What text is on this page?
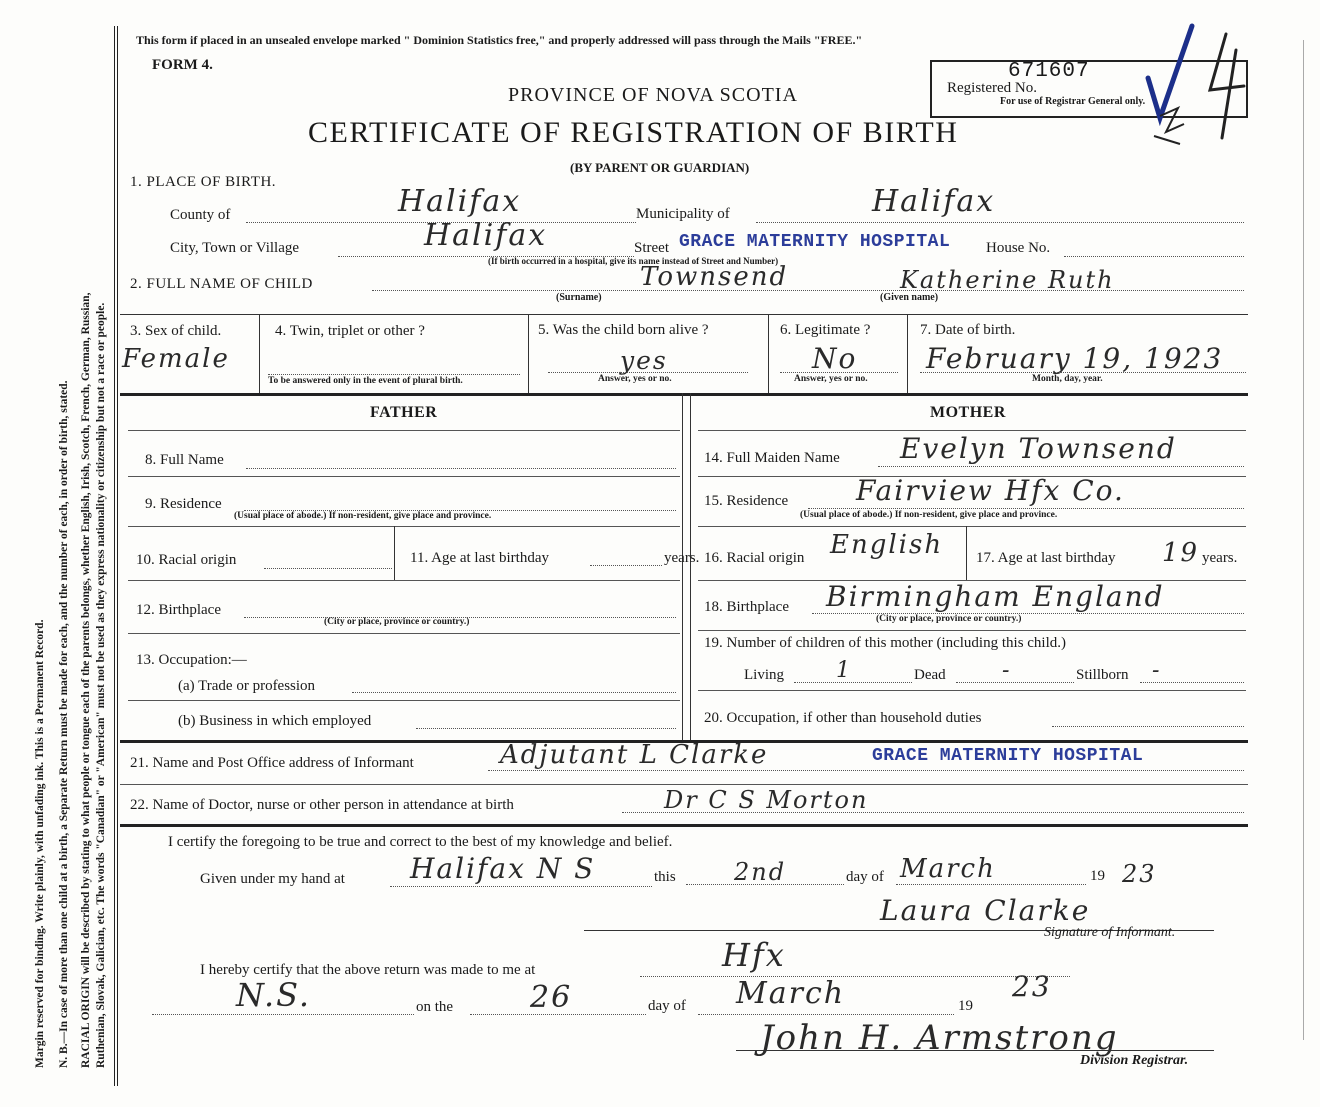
Margin reserved for binding. Write plainly, with unfading ink. This is a Permanent Record. N. B.—In case of more than one child at a birth, a Separate Return must be made for each, and the number of each, in order of birth, stated. RACIAL ORIGIN will be described by stating to what people or tongue each of the parents belongs, whether English, Irish, Scotch, French, German, Russian, Ruthenian, Slovak, Galician, etc. The words "Canadian" or "American" must not be used as they express nationality or citizenship but not a race or people.
This form if placed in an unsealed envelope marked " Dominion Statistics free," and properly addressed will pass through the Mails "FREE."
FORM 4.
PROVINCE OF NOVA SCOTIA
CERTIFICATE OF REGISTRATION OF BIRTH
(BY PARENT OR GUARDIAN)
671607
Registered No.
For use of Registrar General only.
1. PLACE OF BIRTH.
County of	Halifax	Municipality of	Halifax
City, Town or Village	Halifax	Street GRACE MATERNITY HOSPITAL House No.
(If birth occurred in a hospital, give its name instead of Street and Number)
2. FULL NAME OF CHILD	Townsend
(Surname)
Katherine Ruth
(Given name)
3. Sex of child.
Female
4. Twin, triplet or other ?
To be answered only in the event of plural birth.
5. Was the child born alive ?
yes
Answer, yes or no.
6. Legitimate ?
No
Answer, yes or no.
7. Date of birth.
February 19, 1923
Month, day, year.
FATHER	MOTHER
8. Full Name
9. Residence
(Usual place of abode.) If non-resident, give place and province.
10. Racial origin	11. Age at last birthday	years.
12. Birthplace
(City or place, province or country.)
13. Occupation:—
(a) Trade or profession
(b) Business in which employed
14. Full Maiden Name Evelyn Townsend
15. Residence Fairview Hfx Co.
(Usual place of abode.) If non-resident, give place and province.
16. Racial origin English 17. Age at last birthday 19 years.
18. Birthplace Birmingham England
(City or place, province or country.)
19. Number of children of this mother (including this child.)
Living 1	Dead	-	Stillborn -
20. Occupation, if other than household duties
21. Name and Post Office address of Informant	Adjutant L Clarke	GRACE MATERNITY HOSPITAL
22. Name of Doctor, nurse or other person in attendance at birth	Dr C S Morton
I certify the foregoing to be true and correct to the best of my knowledge and belief.
Given under my hand at Halifax N S	this 2nd	day of March	19 23
Laura Clarke
Signature of Informant.
I hereby certify that the above return was made to me at	Hfx
N.S.	on the	26	day of March	19
23
John H. Armstrong
Division Registrar.
